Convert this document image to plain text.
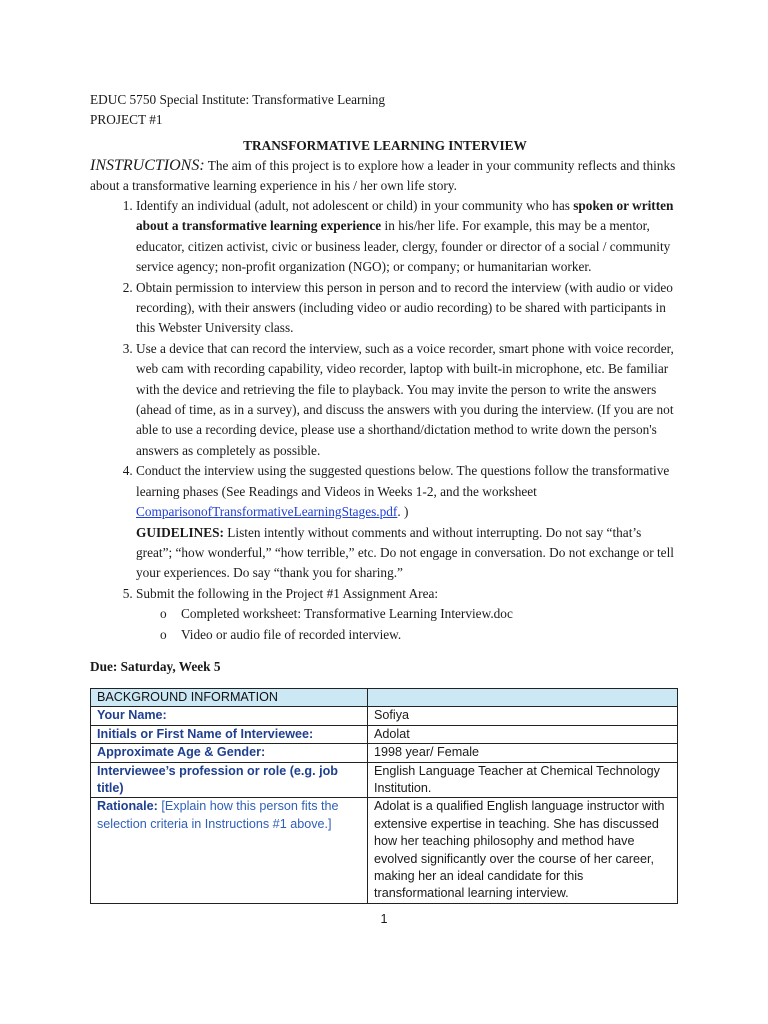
EDUC 5750 Special Institute: Transformative Learning
PROJECT #1
TRANSFORMATIVE LEARNING INTERVIEW
INSTRUCTIONS: The aim of this project is to explore how a leader in your community reflects and thinks about a transformative learning experience in his / her own life story.
1. Identify an individual (adult, not adolescent or child) in your community who has spoken or written about a transformative learning experience in his/her life. For example, this may be a mentor, educator, citizen activist, civic or business leader, clergy, founder or director of a social / community service agency; non-profit organization (NGO); or company; or humanitarian worker.
2. Obtain permission to interview this person in person and to record the interview (with audio or video recording), with their answers (including video or audio recording) to be shared with participants in this Webster University class.
3. Use a device that can record the interview, such as a voice recorder, smart phone with voice recorder, web cam with recording capability, video recorder, laptop with built-in microphone, etc. Be familiar with the device and retrieving the file to playback. You may invite the person to write the answers (ahead of time, as in a survey), and discuss the answers with you during the interview. (If you are not able to use a recording device, please use a shorthand/dictation method to write down the person's answers as completely as possible.
4. Conduct the interview using the suggested questions below. The questions follow the transformative learning phases (See Readings and Videos in Weeks 1-2, and the worksheet ComparisonofTransformativeLearningStages.pdf. )
GUIDELINES: Listen intently without comments and without interrupting. Do not say “that’s great”; “how wonderful,” “how terrible,” etc. Do not engage in conversation. Do not exchange or tell your experiences. Do say “thank you for sharing.”
5. Submit the following in the Project #1 Assignment Area:
o Completed worksheet: Transformative Learning Interview.doc
o Video or audio file of recorded interview.
Due: Saturday, Week 5
BACKGROUND INFORMATION	
Your Name:	Sofiya
Initials or First Name of Interviewee:	Adolat
Approximate Age & Gender:	1998 year/ Female
Interviewee’s profession or role (e.g. job title)	English Language Teacher at Chemical Technology Institution.
Rationale: [Explain how this person fits the selection criteria in Instructions #1 above.]	Adolat is a qualified English language instructor with extensive expertise in teaching. She has discussed how her teaching philosophy and method have evolved significantly over the course of her career, making her an ideal candidate for this transformational learning interview.
1
